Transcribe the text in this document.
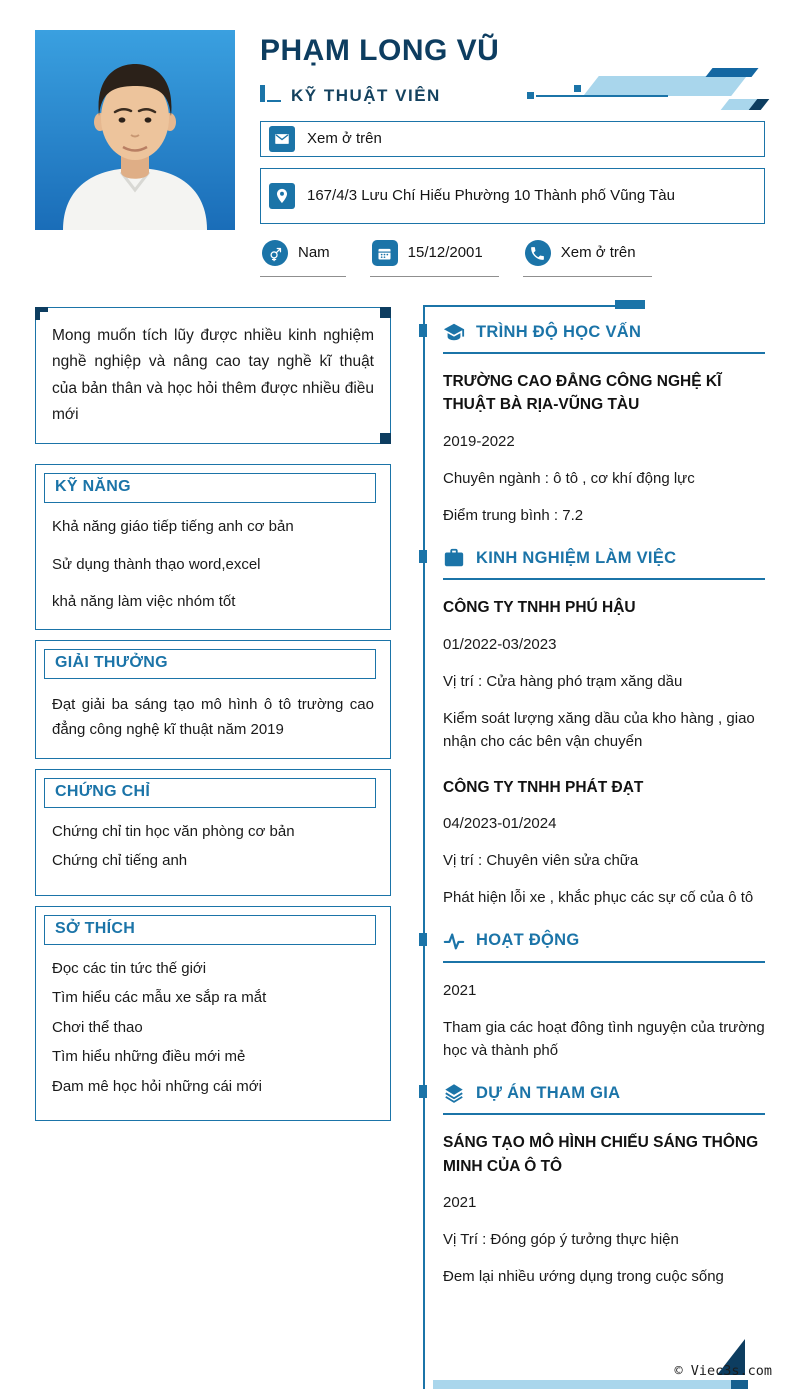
PHẠM LONG VŨ
KỸ THUẬT VIÊN
Xem ở trên
167/4/3 Lưu Chí Hiếu Phường 10 Thành phố Vũng Tàu
Nam	15/12/2001	Xem ở trên

Mong muốn tích lũy được nhiều kinh nghiệm nghề nghiệp và nâng cao tay nghề kĩ thuật của bản thân và học hỏi thêm được nhiều điều mới

KỸ NĂNG

Khả năng giáo tiếp tiếng anh cơ bản

Sử dụng thành thạo word,excel

khả năng làm việc nhóm tốt

GIẢI THƯỞNG

Đạt giải ba sáng tạo mô hình ô tô trường cao đẳng công nghệ kĩ thuật năm 2019

CHỨNG CHỈ

Chứng chỉ tin học văn phòng cơ bản

Chứng chỉ tiếng anh

SỞ THÍCH

Đọc các tin tức thế giới

Tìm hiểu các mẫu xe sắp ra mắt

Chơi thể thao

Tìm hiểu những điều mới mẻ

Đam mê học hỏi những cái mới

TRÌNH ĐỘ HỌC VẤN

TRƯỜNG CAO ĐẲNG CÔNG NGHỆ KĨ THUẬT BÀ RỊA-VŨNG TÀU

2019-2022

Chuyên ngành : ô tô , cơ khí động lực

Điểm trung bình : 7.2

KINH NGHIỆM LÀM VIỆC

CÔNG TY TNHH PHÚ HẬU

01/2022-03/2023

Vị trí : Cửa hàng phó trạm xăng dầu

Kiểm soát lượng xăng dầu của kho hàng , giao nhận cho các bên vận chuyển

CÔNG TY TNHH PHÁT ĐẠT

04/2023-01/2024

Vị trí : Chuyên viên sửa chữa

Phát hiện lỗi xe , khắc phục các sự cố của ô tô

HOẠT ĐỘNG

2021

Tham gia các hoạt đông tình nguyện của trường học và thành phố

DỰ ÁN THAM GIA

SÁNG TẠO MÔ HÌNH CHIẾU SÁNG THÔNG MINH CỦA Ô TÔ

2021

Vị Trí : Đóng góp ý tưởng thực hiện

Đem lại nhiều ướng dụng trong cuộc sống

© Viec3s.com
